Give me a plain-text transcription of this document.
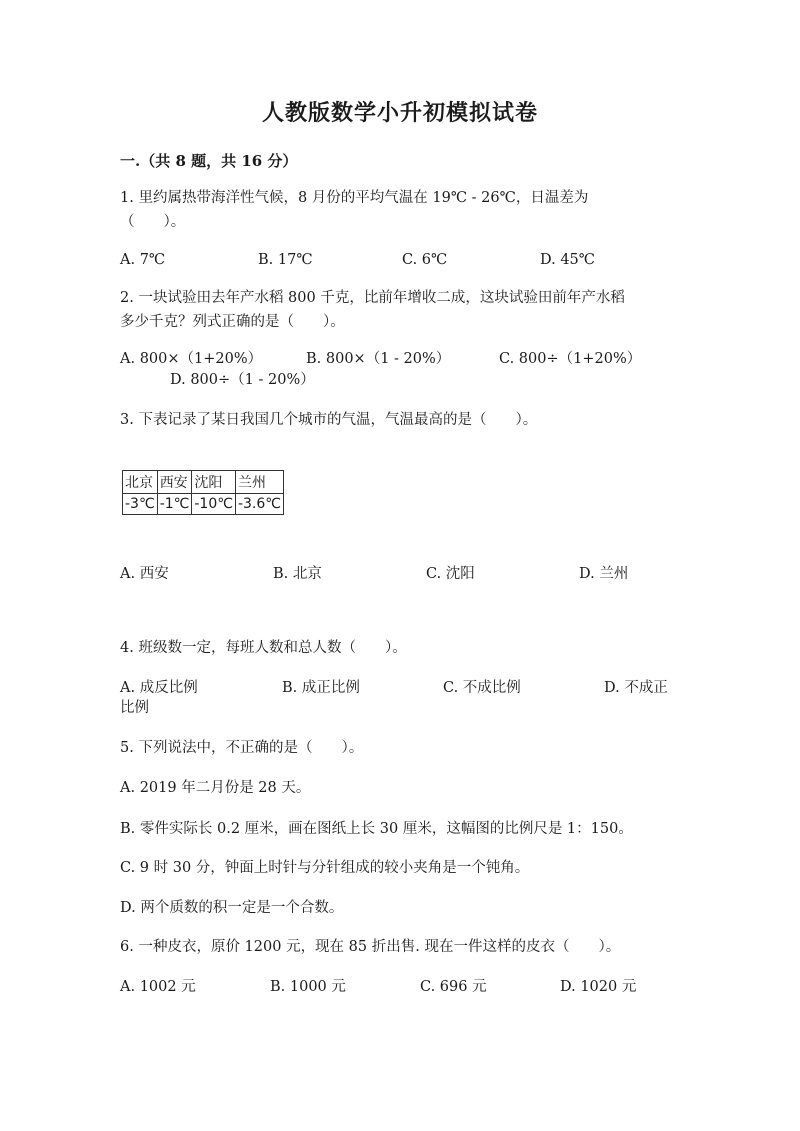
人教版数学小升初模拟试卷
一.（共 8 题，共 16 分）
1. 里约属热带海洋性气候，8 月份的平均气温在 19℃ - 26℃，日温差为
（　　）。
A. 7℃	B. 17℃	C. 6℃	D. 45℃
2. 一块试验田去年产水稻 800 千克，比前年增收二成，这块试验田前年产水稻
多少千克？列式正确的是（　　）。
A. 800×（1+20%）	B. 800×（1 - 20%）	C. 800÷（1+20%）
D. 800÷（1 - 20%）
3. 下表记录了某日我国几个城市的气温，气温最高的是（　　）。
北京	西安	沈阳	兰州
-3℃	-1℃	-10℃	-3.6℃
A. 西安	B. 北京	C. 沈阳	D. 兰州
4. 班级数一定，每班人数和总人数（　　）。
A. 成反比例	B. 成正比例	C. 不成比例	D. 不成正
比例
5. 下列说法中，不正确的是（　　）。
A. 2019 年二月份是 28 天。
B. 零件实际长 0.2 厘米，画在图纸上长 30 厘米，这幅图的比例尺是 1：150。
C. 9 时 30 分，钟面上时针与分针组成的较小夹角是一个钝角。
D. 两个质数的积一定是一个合数。
6. 一种皮衣，原价 1200 元，现在 85 折出售. 现在一件这样的皮衣（　　）。
A. 1002 元	B. 1000 元	C. 696 元	D. 1020 元
